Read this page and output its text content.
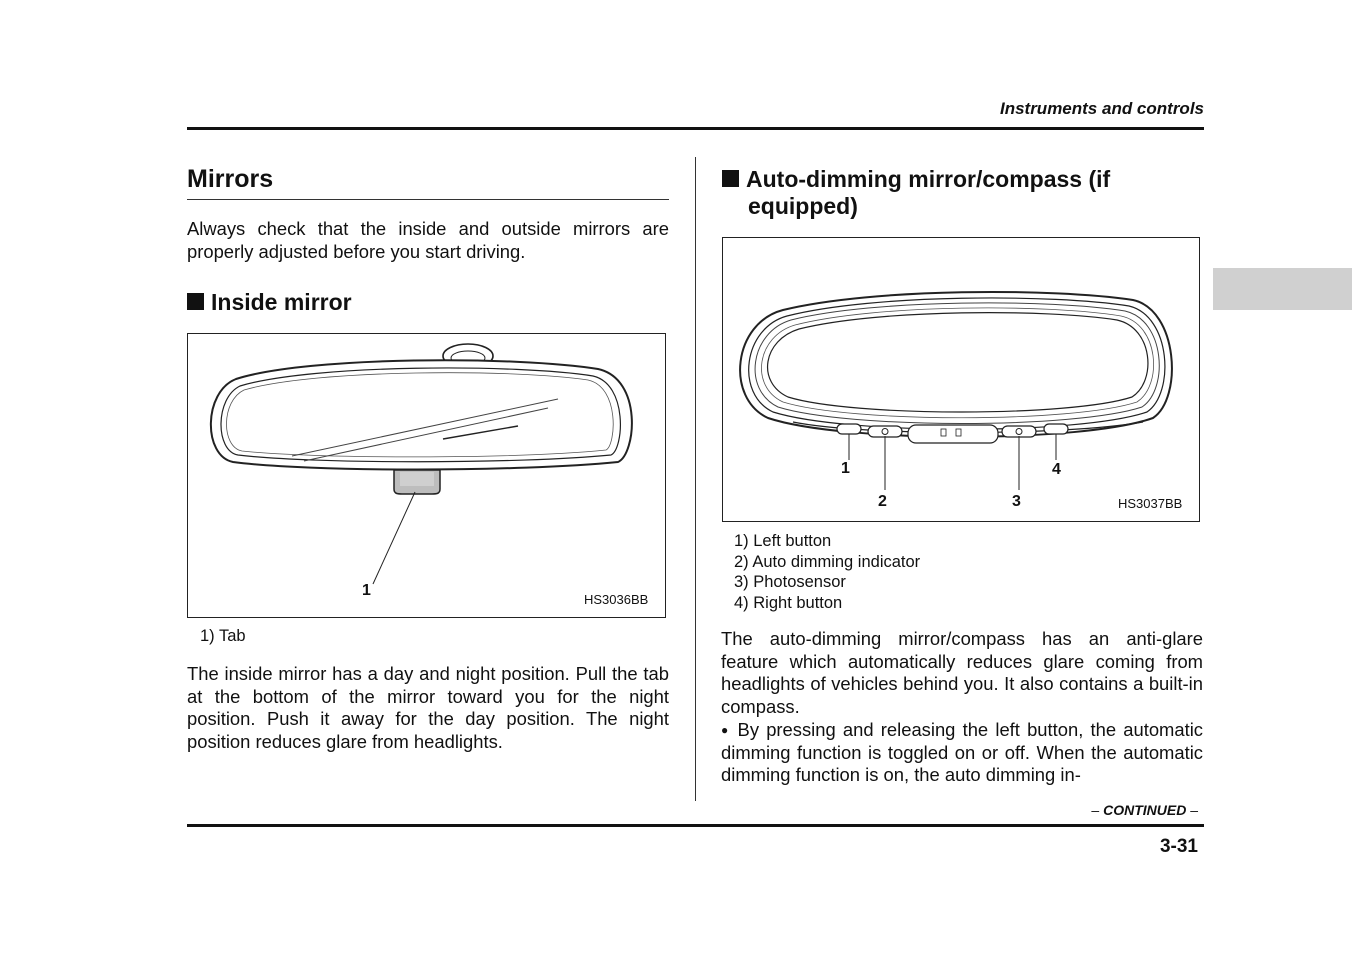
Instruments and controls
Mirrors
Always check that the inside and outside mirrors are properly adjusted before you start driving.
Inside mirror
1
HS3036BB
1) Tab
The inside mirror has a day and night position. Pull the tab at the bottom of the mirror toward you for the night position. Push it away for the day position. The night position reduces glare from headlights.
Auto-dimming mirror/compass (if
equipped)
1
2	3
4
HS3037BB
1) Left button
2) Auto dimming indicator
3) Photosensor
4) Right button
The auto-dimming mirror/compass has an anti-glare feature which automatically reduces glare coming from headlights of vehicles behind you. It also contains a built-in compass.
● By pressing and releasing the left button, the automatic dimming function is toggled on or off. When the automatic dimming function is on, the auto dimming in-
– CONTINUED –
3-31
